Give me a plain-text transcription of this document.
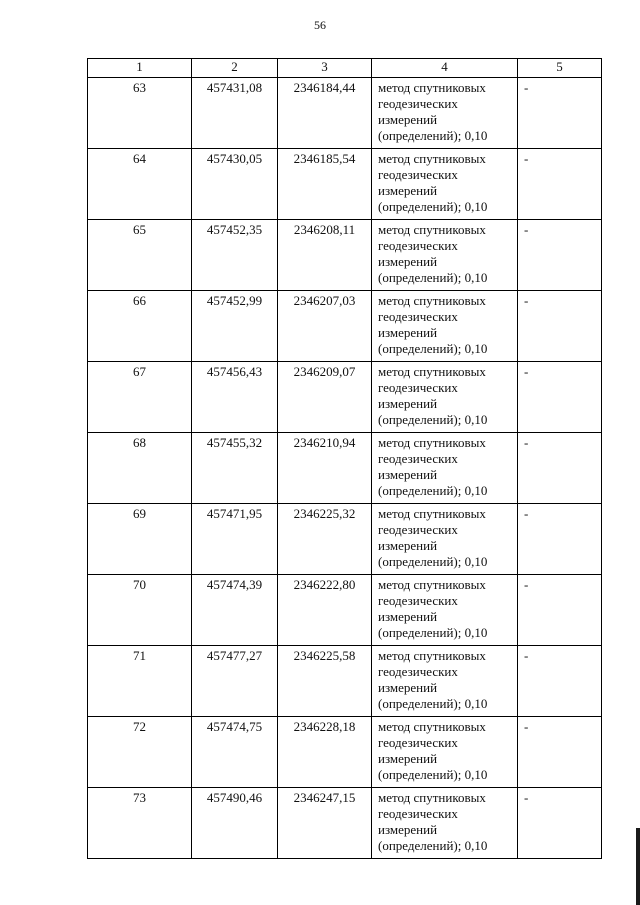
56
1	2	3	4	5
63	457431,08	2346184,44	метод спутниковых
геодезических
измерений
(определений); 0,10	-
64	457430,05	2346185,54	метод спутниковых
геодезических
измерений
(определений); 0,10	-
65	457452,35	2346208,11	метод спутниковых
геодезических
измерений
(определений); 0,10	-
66	457452,99	2346207,03	метод спутниковых
геодезических
измерений
(определений); 0,10	-
67	457456,43	2346209,07	метод спутниковых
геодезических
измерений
(определений); 0,10	-
68	457455,32	2346210,94	метод спутниковых
геодезических
измерений
(определений); 0,10	-
69	457471,95	2346225,32	метод спутниковых
геодезических
измерений
(определений); 0,10	-
70	457474,39	2346222,80	метод спутниковых
геодезических
измерений
(определений); 0,10	-
71	457477,27	2346225,58	метод спутниковых
геодезических
измерений
(определений); 0,10	-
72	457474,75	2346228,18	метод спутниковых
геодезических
измерений
(определений); 0,10	-
73	457490,46	2346247,15	метод спутниковых
геодезических
измерений
(определений); 0,10	-
